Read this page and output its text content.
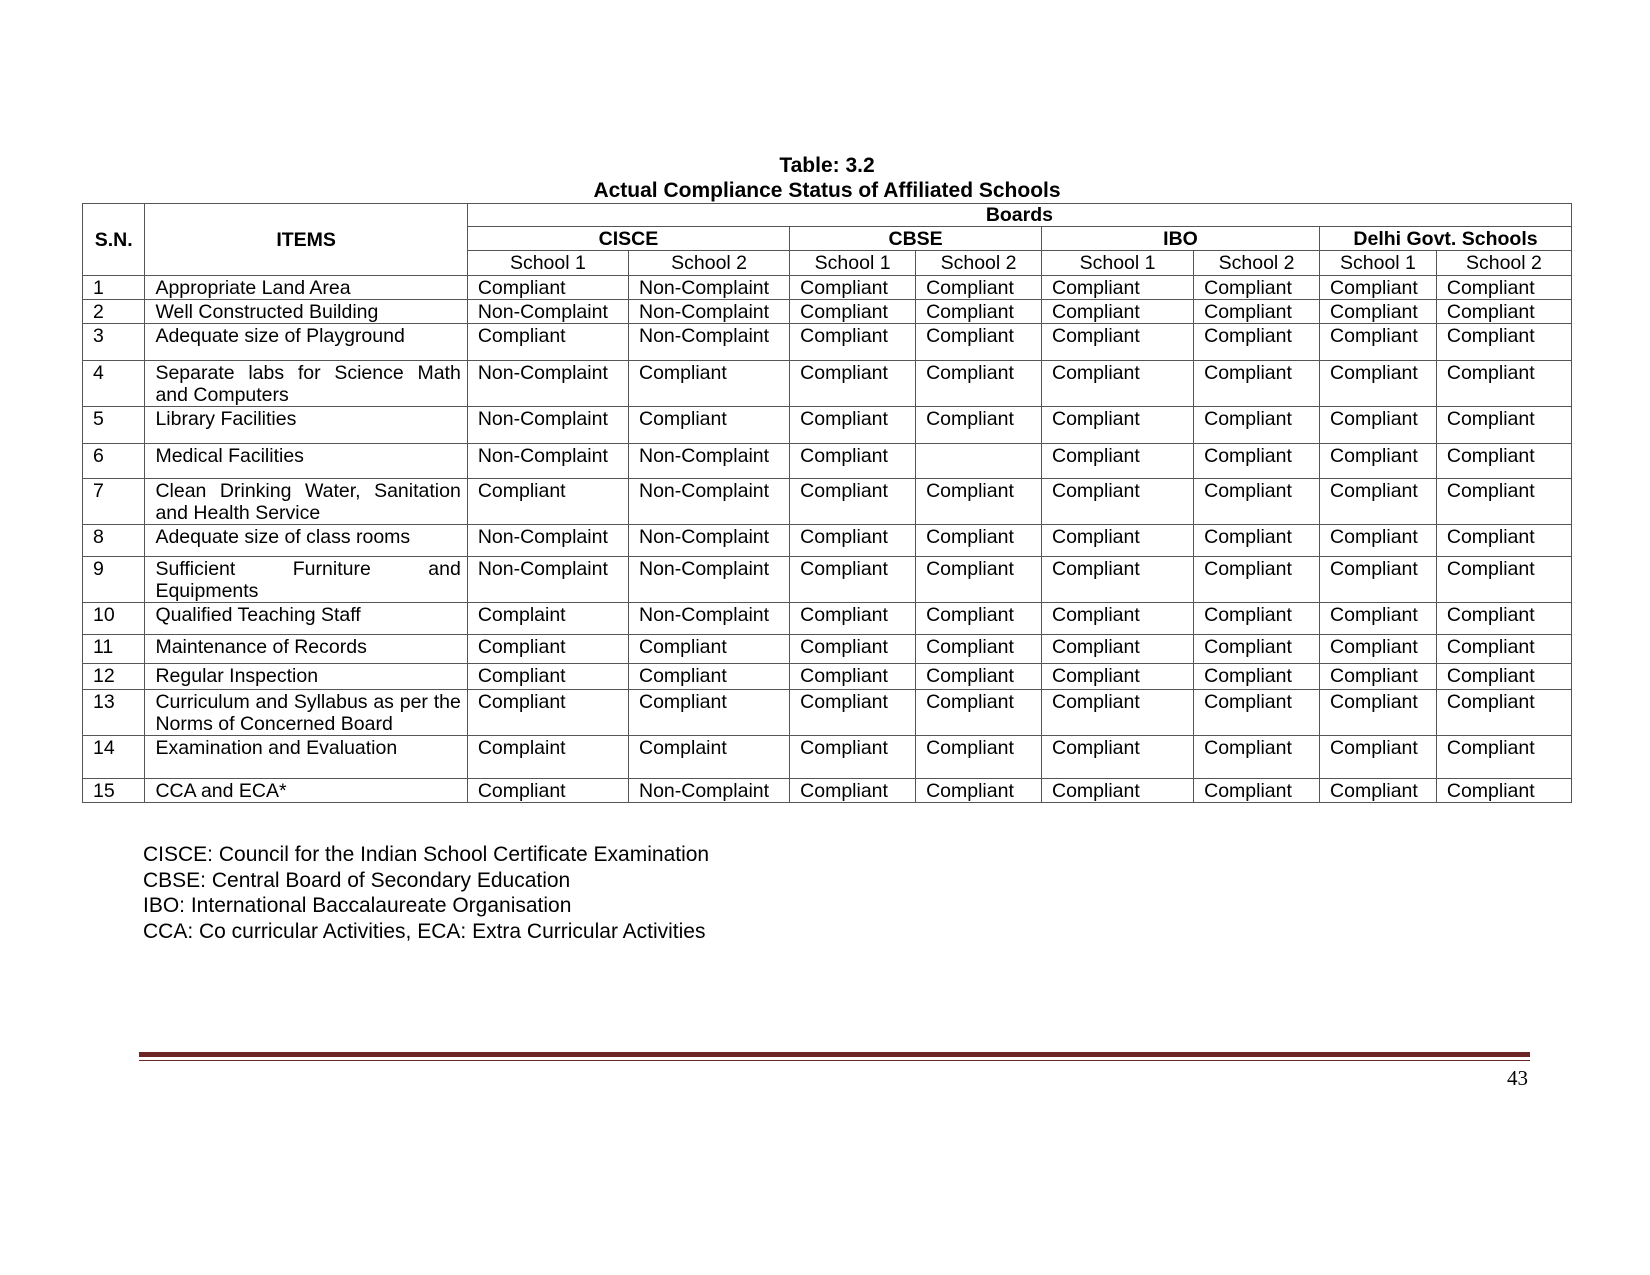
Table: 3.2
Actual Compliance Status of Affiliated Schools
S.N.	ITEMS	Boards							
		CISCE		CBSE		IBO		Delhi Govt. Schools	
		School 1	School 2	School 1	School 2	School 1	School 2	School 1	School 2
1	Appropriate Land Area	Compliant	Non-Complaint	Compliant	Compliant	Compliant	Compliant	Compliant	Compliant
2	Well Constructed Building	Non-Complaint	Non-Complaint	Compliant	Compliant	Compliant	Compliant	Compliant	Compliant
3	Adequate size of Playground	Compliant	Non-Complaint	Compliant	Compliant	Compliant	Compliant	Compliant	Compliant
4	Separate labs for Science Math and Computers	Non-Complaint	Compliant	Compliant	Compliant	Compliant	Compliant	Compliant	Compliant
5	Library Facilities	Non-Complaint	Compliant	Compliant	Compliant	Compliant	Compliant	Compliant	Compliant
6	Medical Facilities	Non-Complaint	Non-Complaint	Compliant		Compliant	Compliant	Compliant	Compliant
7	Clean Drinking Water, Sanitation and Health Service	Compliant	Non-Complaint	Compliant	Compliant	Compliant	Compliant	Compliant	Compliant
8	Adequate size of class rooms	Non-Complaint	Non-Complaint	Compliant	Compliant	Compliant	Compliant	Compliant	Compliant
9	Sufficient Furniture and Equipments	Non-Complaint	Non-Complaint	Compliant	Compliant	Compliant	Compliant	Compliant	Compliant
10	Qualified Teaching Staff	Complaint	Non-Complaint	Compliant	Compliant	Compliant	Compliant	Compliant	Compliant
11	Maintenance of Records	Compliant	Compliant	Compliant	Compliant	Compliant	Compliant	Compliant	Compliant
12	Regular Inspection	Compliant	Compliant	Compliant	Compliant	Compliant	Compliant	Compliant	Compliant
13	Curriculum and Syllabus as per the Norms of Concerned Board	Compliant	Compliant	Compliant	Compliant	Compliant	Compliant	Compliant	Compliant
14	Examination and Evaluation	Complaint	Complaint	Compliant	Compliant	Compliant	Compliant	Compliant	Compliant
15	CCA and ECA*	Compliant	Non-Complaint	Compliant	Compliant	Compliant	Compliant	Compliant	Compliant
CISCE: Council for the Indian School Certificate Examination
CBSE: Central Board of Secondary Education
IBO: International Baccalaureate Organisation
CCA: Co curricular Activities, ECA: Extra Curricular Activities
43
